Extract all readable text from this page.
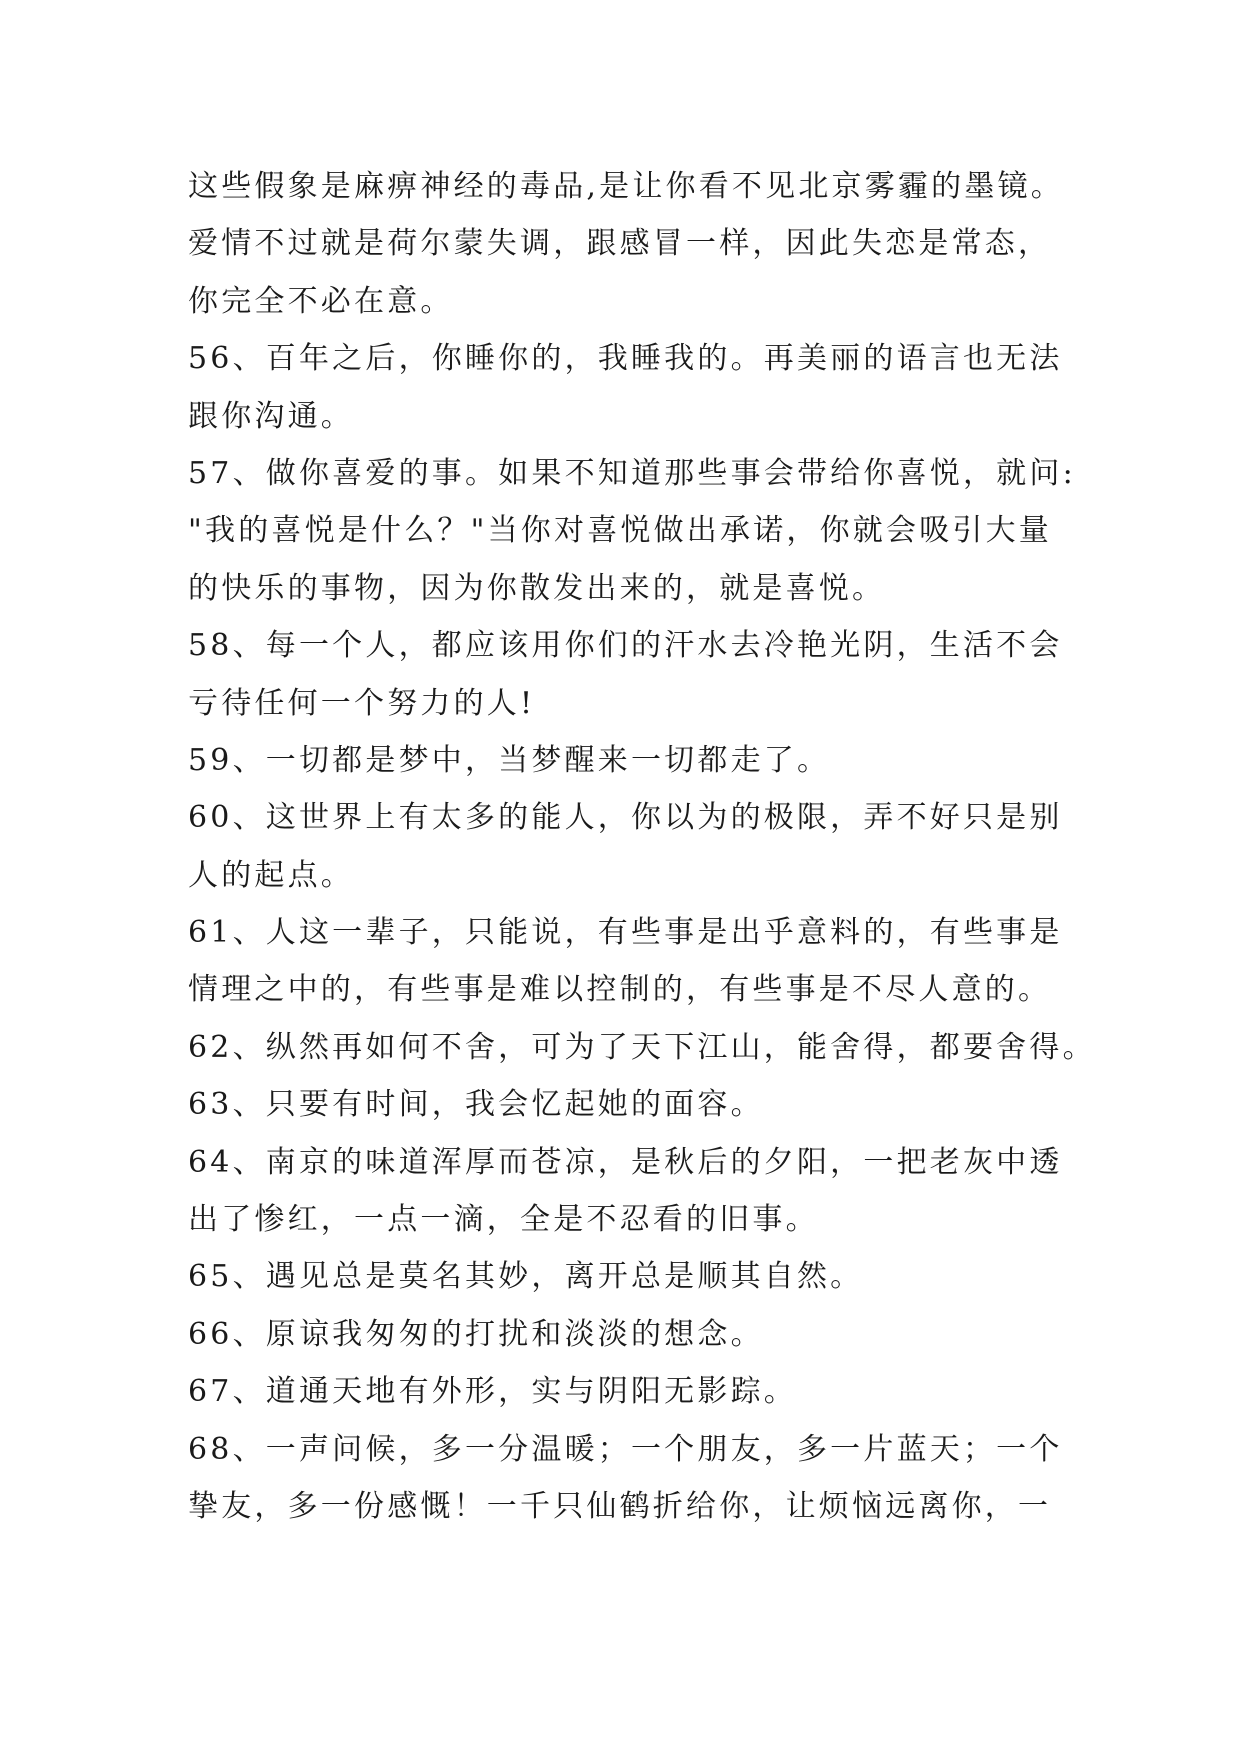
这些假象是麻痹神经的毒品,是让你看不见北京雾霾的墨镜。
爱情不过就是荷尔蒙失调，跟感冒一样，因此失恋是常态，
你完全不必在意。
56、百年之后，你睡你的，我睡我的。再美丽的语言也无法
跟你沟通。
57、做你喜爱的事。如果不知道那些事会带给你喜悦，就问:
"我的喜悦是什么？"当你对喜悦做出承诺，你就会吸引大量
的快乐的事物，因为你散发出来的，就是喜悦。
58、每一个人，都应该用你们的汗水去冷艳光阴，生活不会
亏待任何一个努力的人!
59、一切都是梦中，当梦醒来一切都走了。
60、这世界上有太多的能人，你以为的极限，弄不好只是别
人的起点。
61、人这一辈子，只能说，有些事是出乎意料的，有些事是
情理之中的，有些事是难以控制的，有些事是不尽人意的。
62、纵然再如何不舍，可为了天下江山，能舍得，都要舍得。
63、只要有时间，我会忆起她的面容。
64、南京的味道浑厚而苍凉，是秋后的夕阳，一把老灰中透
出了惨红，一点一滴，全是不忍看的旧事。
65、遇见总是莫名其妙，离开总是顺其自然。
66、原谅我匆匆的打扰和淡淡的想念。
67、道通天地有外形，实与阴阳无影踪。
68、一声问候，多一分温暖；一个朋友，多一片蓝天；一个
挚友，多一份感慨！一千只仙鹤折给你，让烦恼远离你，一
